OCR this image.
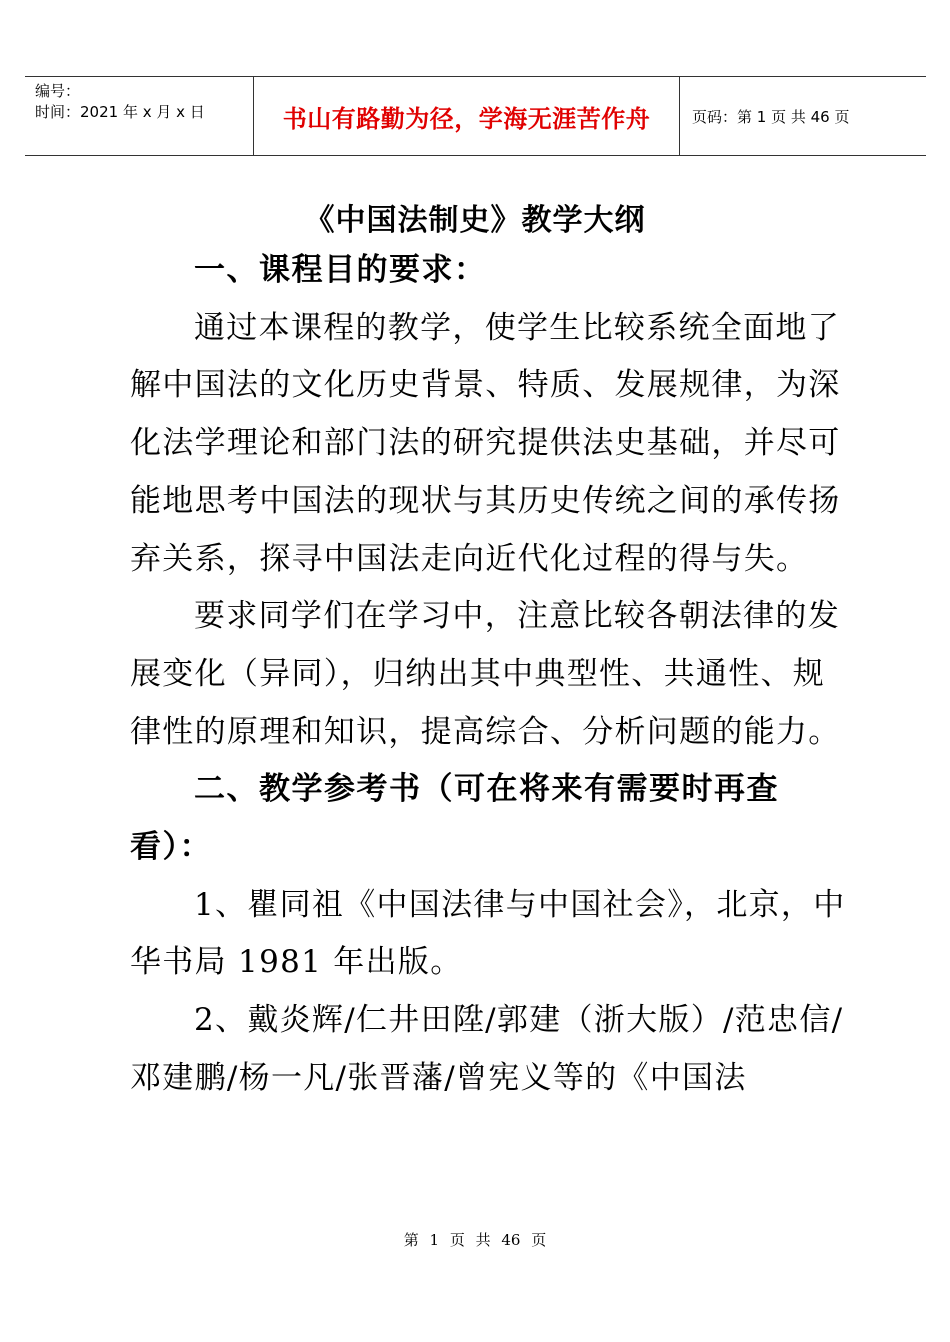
编号：
时间：2021 年 x 月 x 日	书山有路勤为径，学海无涯苦作舟	页码：第 1 页 共 46 页
《中国法制史》教学大纲

一、课程目的要求：

通过本课程的教学，使学生比较系统全面地了解中国法的文化历史背景、特质、发展规律，为深化法学理论和部门法的研究提供法史基础，并尽可能地思考中国法的现状与其历史传统之间的承传扬弃关系，探寻中国法走向近代化过程的得与失。

要求同学们在学习中，注意比较各朝法律的发展变化（异同），归纳出其中典型性、共通性、规律性的原理和知识，提高综合、分析问题的能力。

二、教学参考书（可在将来有需要时再查看）：

1、瞿同祖《中国法律与中国社会》，北京，中华书局 1981 年出版。

2、戴炎辉/仁井田陞/郭建（浙大版）/范忠信/邓建鹏/杨一凡/张晋藩/曾宪义等的《中国法

第 1 页 共 46 页
